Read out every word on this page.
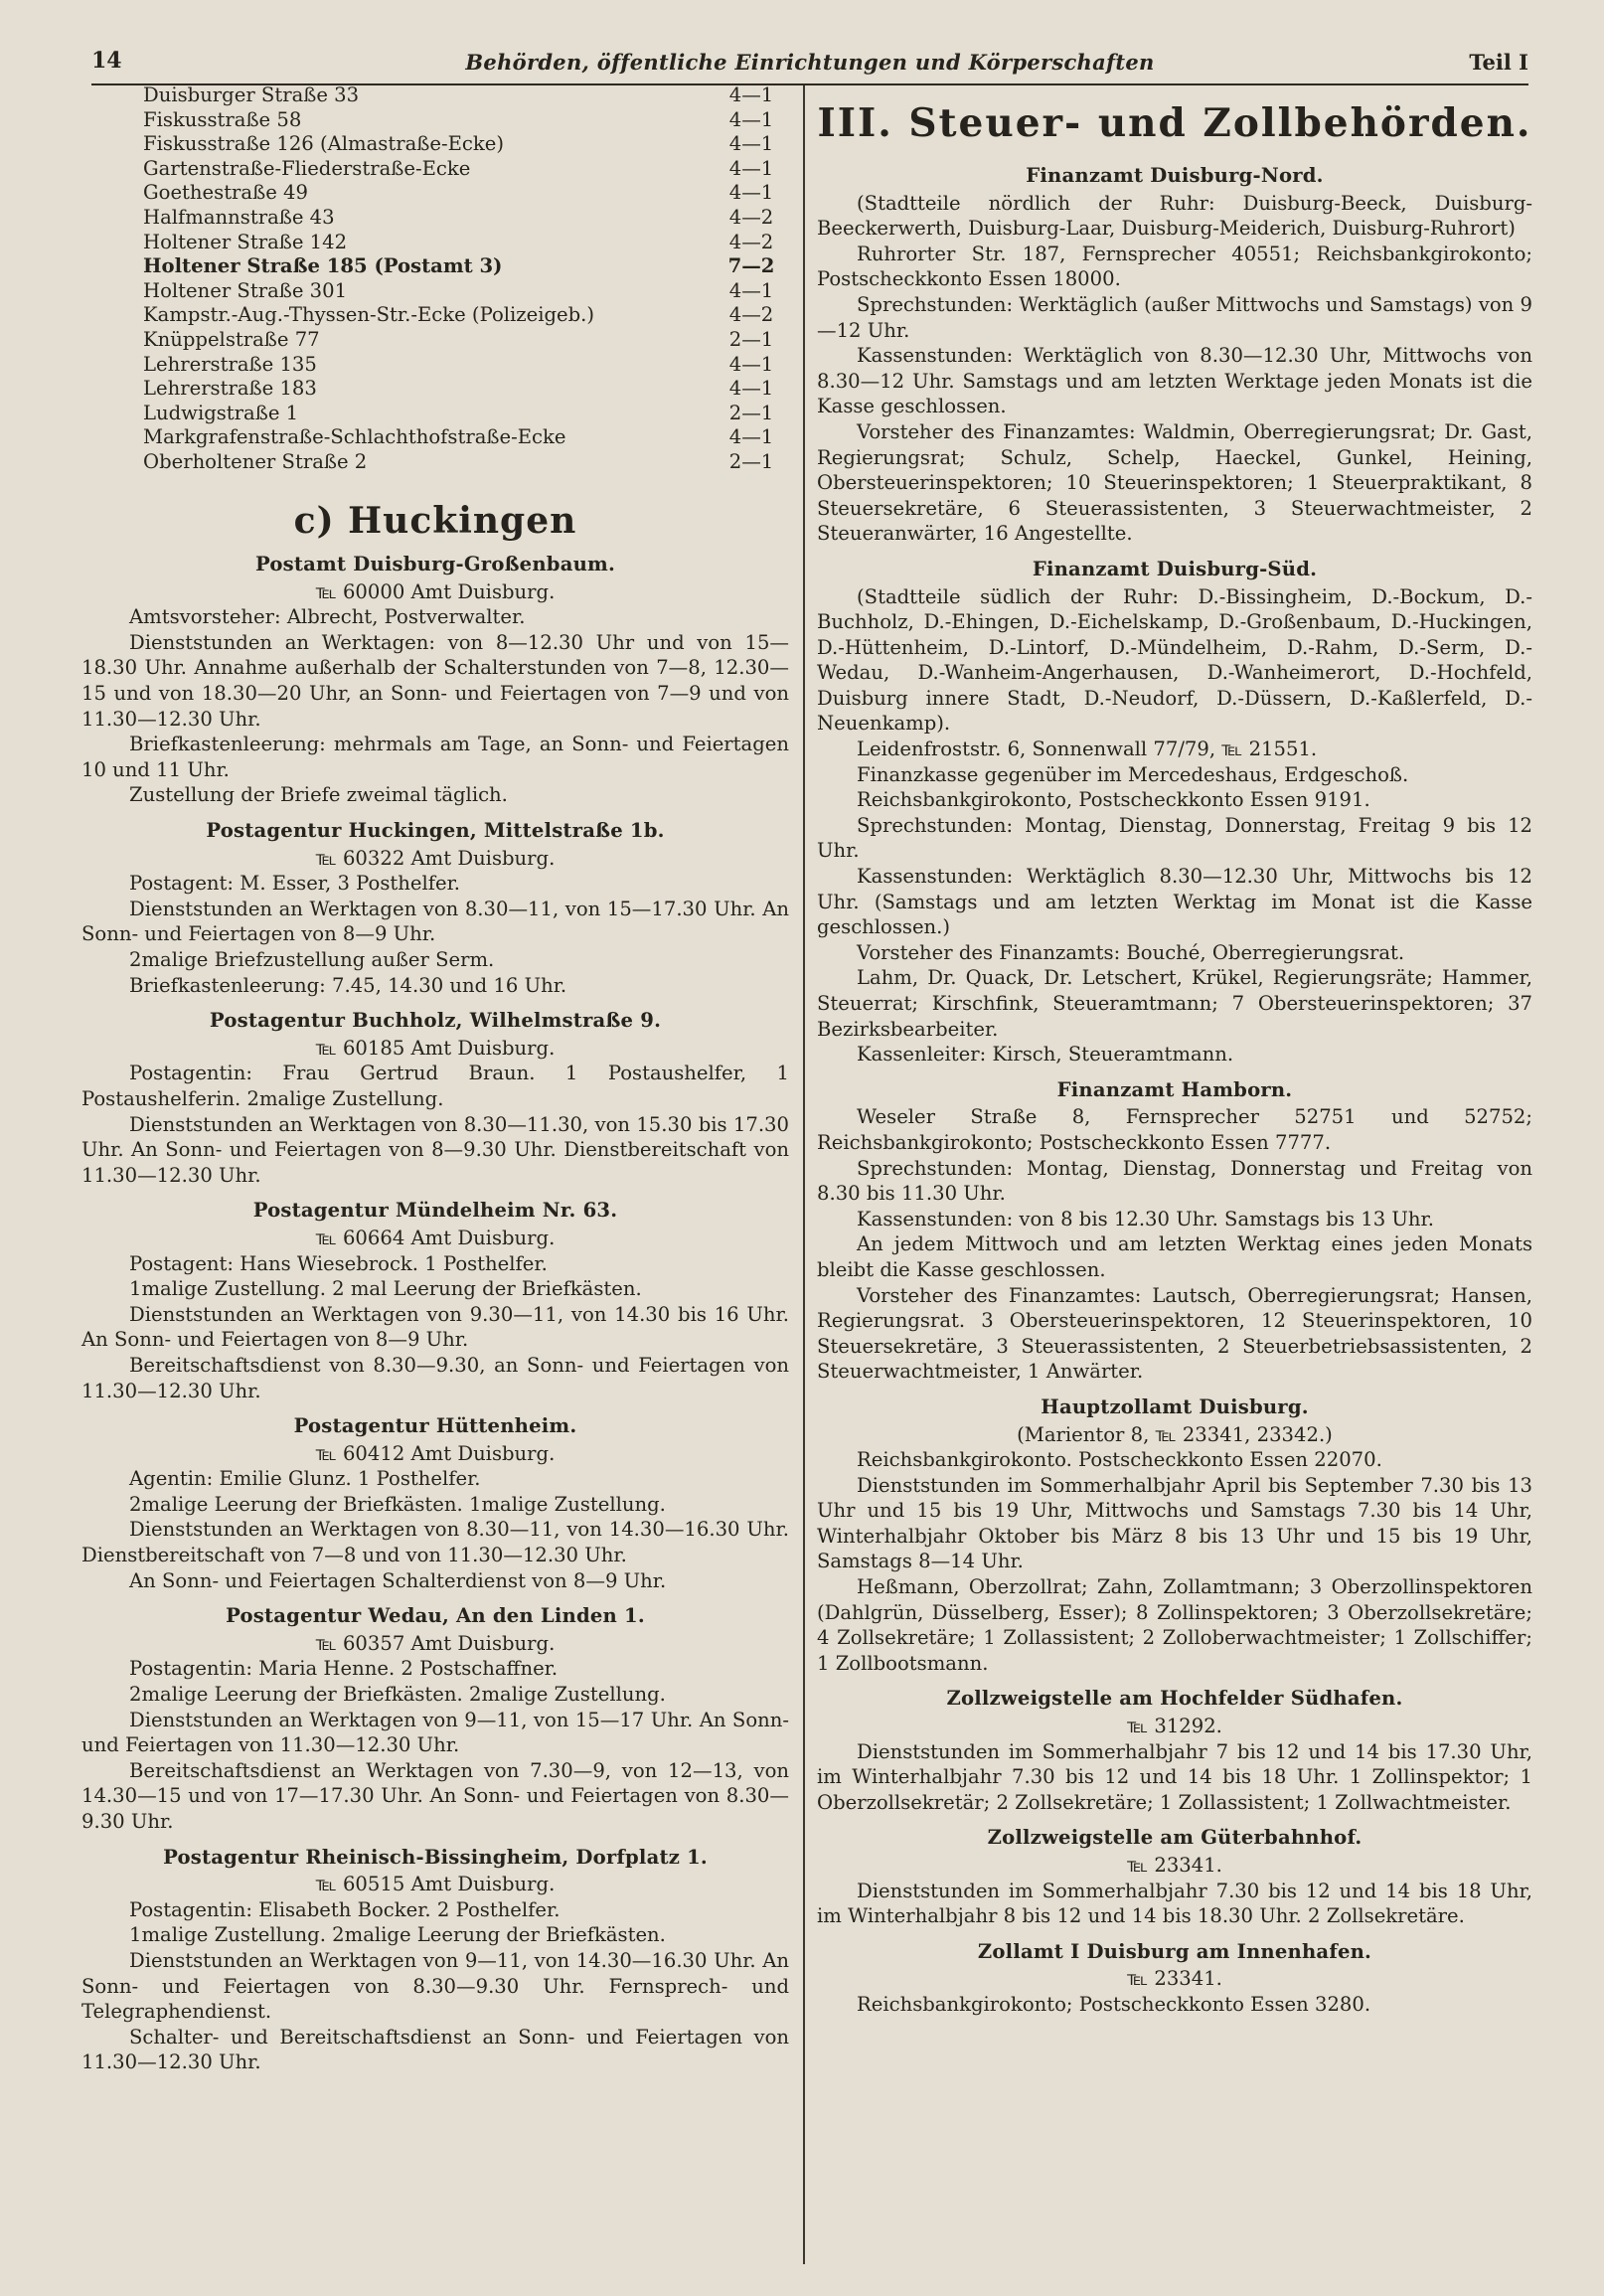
14	Behörden, öffentliche Einrichtungen und Körperschaften	Teil I
Duisburger Straße 33	4—1
Fiskusstraße 58	4—1
Fiskusstraße 126 (Almastraße-Ecke)	4—1
Gartenstraße-Fliederstraße-Ecke	4—1
Goethestraße 49	4—1
Halfmannstraße 43	4—2
Holtener Straße 142	4—2
Holtener Straße 185 (Postamt 3)	7—2
Holtener Straße 301	4—1
Kampstr.-Aug.-Thyssen-Str.-Ecke (Polizeigeb.)	4—2
Knüppelstraße 77	2—1
Lehrerstraße 135	4—1
Lehrerstraße 183	4—1
Ludwigstraße 1	2—1
Markgrafenstraße-Schlachthofstraße-Ecke	4—1
Oberholtener Straße 2	2—1
c) Huckingen
Postamt Duisburg-Großenbaum.
℡ 60000 Amt Duisburg.

Amtsvorsteher: Albrecht, Postverwalter.

Dienststunden an Werktagen: von 8—12.30 Uhr und von 15—18.30 Uhr. Annahme außerhalb der Schalterstunden von 7—8, 12.30—15 und von 18.30—20 Uhr, an Sonn- und Feiertagen von 7—9 und von 11.30—12.30 Uhr.

Briefkastenleerung: mehrmals am Tage, an Sonn- und Feiertagen 10 und 11 Uhr.

Zustellung der Briefe zweimal täglich.

Postagentur Huckingen, Mittelstraße 1b.
℡ 60322 Amt Duisburg.

Postagent: M. Esser, 3 Posthelfer.

Dienststunden an Werktagen von 8.30—11, von 15—17.30 Uhr. An Sonn- und Feiertagen von 8—9 Uhr.

2malige Briefzustellung außer Serm.

Briefkastenleerung: 7.45, 14.30 und 16 Uhr.

Postagentur Buchholz, Wilhelmstraße 9.
℡ 60185 Amt Duisburg.

Postagentin: Frau Gertrud Braun. 1 Postaushelfer, 1 Postaushelferin. 2malige Zustellung.

Dienststunden an Werktagen von 8.30—11.30, von 15.30 bis 17.30 Uhr. An Sonn- und Feiertagen von 8—9.30 Uhr. Dienstbereitschaft von 11.30—12.30 Uhr.

Postagentur Mündelheim Nr. 63.
℡ 60664 Amt Duisburg.

Postagent: Hans Wiesebrock. 1 Posthelfer.

1malige Zustellung. 2 mal Leerung der Briefkästen.

Dienststunden an Werktagen von 9.30—11, von 14.30 bis 16 Uhr. An Sonn- und Feiertagen von 8—9 Uhr.

Bereitschaftsdienst von 8.30—9.30, an Sonn- und Feiertagen von 11.30—12.30 Uhr.

Postagentur Hüttenheim.
℡ 60412 Amt Duisburg.

Agentin: Emilie Glunz. 1 Posthelfer.

2malige Leerung der Briefkästen. 1malige Zustellung.

Dienststunden an Werktagen von 8.30—11, von 14.30—16.30 Uhr. Dienstbereitschaft von 7—8 und von 11.30—12.30 Uhr.

An Sonn- und Feiertagen Schalterdienst von 8—9 Uhr.

Postagentur Wedau, An den Linden 1.
℡ 60357 Amt Duisburg.

Postagentin: Maria Henne. 2 Postschaffner.

2malige Leerung der Briefkästen. 2malige Zustellung.

Dienststunden an Werktagen von 9—11, von 15—17 Uhr. An Sonn- und Feiertagen von 11.30—12.30 Uhr.

Bereitschaftsdienst an Werktagen von 7.30—9, von 12—13, von 14.30—15 und von 17—17.30 Uhr. An Sonn- und Feiertagen von 8.30—9.30 Uhr.

Postagentur Rheinisch-Bissingheim, Dorfplatz 1.
℡ 60515 Amt Duisburg.

Postagentin: Elisabeth Bocker. 2 Posthelfer.

1malige Zustellung. 2malige Leerung der Briefkästen.

Dienststunden an Werktagen von 9—11, von 14.30—16.30 Uhr. An Sonn- und Feiertagen von 8.30—9.30 Uhr. Fernsprech- und Telegraphendienst.

Schalter- und Bereitschaftsdienst an Sonn- und Feiertagen von 11.30—12.30 Uhr.

III. Steuer- und Zollbehörden.
Finanzamt Duisburg-Nord.

(Stadtteile nördlich der Ruhr: Duisburg-Beeck, Duisburg-Beeckerwerth, Duisburg-Laar, Duisburg-Meiderich, Duisburg-Ruhrort)

Ruhrorter Str. 187, Fernsprecher 40551; Reichsbankgirokonto; Postscheckkonto Essen 18000.

Sprechstunden: Werktäglich (außer Mittwochs und Samstags) von 9—12 Uhr.

Kassenstunden: Werktäglich von 8.30—12.30 Uhr, Mittwochs von 8.30—12 Uhr. Samstags und am letzten Werktage jeden Monats ist die Kasse geschlossen.

Vorsteher des Finanzamtes: Waldmin, Oberregierungsrat; Dr. Gast, Regierungsrat; Schulz, Schelp, Haeckel, Gunkel, Heining, Obersteuerinspektoren; 10 Steuerinspektoren; 1 Steuerpraktikant, 8 Steuersekretäre, 6 Steuerassistenten, 3 Steuerwachtmeister, 2 Steueranwärter, 16 Angestellte.

Finanzamt Duisburg-Süd.

(Stadtteile südlich der Ruhr: D.-Bissingheim, D.-Bockum, D.-Buchholz, D.-Ehingen, D.-Eichelskamp, D.-Großenbaum, D.-Huckingen, D.-Hüttenheim, D.-Lintorf, D.-Mündelheim, D.-Rahm, D.-Serm, D.-Wedau, D.-Wanheim-Angerhausen, D.-Wanheimerort, D.-Hochfeld, Duisburg innere Stadt, D.-Neudorf, D.-Düssern, D.-Kaßlerfeld, D.-Neuenkamp).

Leidenfroststr. 6, Sonnenwall 77/79, ℡ 21551.

Finanzkasse gegenüber im Mercedeshaus, Erdgeschoß.

Reichsbankgirokonto, Postscheckkonto Essen 9191.

Sprechstunden: Montag, Dienstag, Donnerstag, Freitag 9 bis 12 Uhr.

Kassenstunden: Werktäglich 8.30—12.30 Uhr, Mittwochs bis 12 Uhr. (Samstags und am letzten Werktag im Monat ist die Kasse geschlossen.)

Vorsteher des Finanzamts: Bouché, Oberregierungsrat.

Lahm, Dr. Quack, Dr. Letschert, Krükel, Regierungsräte; Hammer, Steuerrat; Kirschfink, Steueramtmann; 7 Obersteuerinspektoren; 37 Bezirksbearbeiter.

Kassenleiter: Kirsch, Steueramtmann.

Finanzamt Hamborn.

Weseler Straße 8, Fernsprecher 52751 und 52752; Reichsbankgirokonto; Postscheckkonto Essen 7777.

Sprechstunden: Montag, Dienstag, Donnerstag und Freitag von 8.30 bis 11.30 Uhr.

Kassenstunden: von 8 bis 12.30 Uhr. Samstags bis 13 Uhr.

An jedem Mittwoch und am letzten Werktag eines jeden Monats bleibt die Kasse geschlossen.

Vorsteher des Finanzamtes: Lautsch, Oberregierungsrat; Hansen, Regierungsrat. 3 Obersteuerinspektoren, 12 Steuerinspektoren, 10 Steuersekretäre, 3 Steuerassistenten, 2 Steuerbetriebsassistenten, 2 Steuerwachtmeister, 1 Anwärter.

Hauptzollamt Duisburg.
(Marientor 8, ℡ 23341, 23342.)

Reichsbankgirokonto. Postscheckkonto Essen 22070.

Dienststunden im Sommerhalbjahr April bis September 7.30 bis 13 Uhr und 15 bis 19 Uhr, Mittwochs und Samstags 7.30 bis 14 Uhr, Winterhalbjahr Oktober bis März 8 bis 13 Uhr und 15 bis 19 Uhr, Samstags 8—14 Uhr.

Heßmann, Oberzollrat; Zahn, Zollamtmann; 3 Oberzollinspektoren (Dahlgrün, Düsselberg, Esser); 8 Zollinspektoren; 3 Oberzollsekretäre; 4 Zollsekretäre; 1 Zollassistent; 2 Zolloberwachtmeister; 1 Zollschiffer; 1 Zollbootsmann.

Zollzweigstelle am Hochfelder Südhafen.
℡ 31292.

Dienststunden im Sommerhalbjahr 7 bis 12 und 14 bis 17.30 Uhr, im Winterhalbjahr 7.30 bis 12 und 14 bis 18 Uhr. 1 Zollinspektor; 1 Oberzollsekretär; 2 Zollsekretäre; 1 Zollassistent; 1 Zollwachtmeister.

Zollzweigstelle am Güterbahnhof.
℡ 23341.

Dienststunden im Sommerhalbjahr 7.30 bis 12 und 14 bis 18 Uhr, im Winterhalbjahr 8 bis 12 und 14 bis 18.30 Uhr. 2 Zollsekretäre.

Zollamt I Duisburg am Innenhafen.
℡ 23341.

Reichsbankgirokonto; Postscheckkonto Essen 3280.
